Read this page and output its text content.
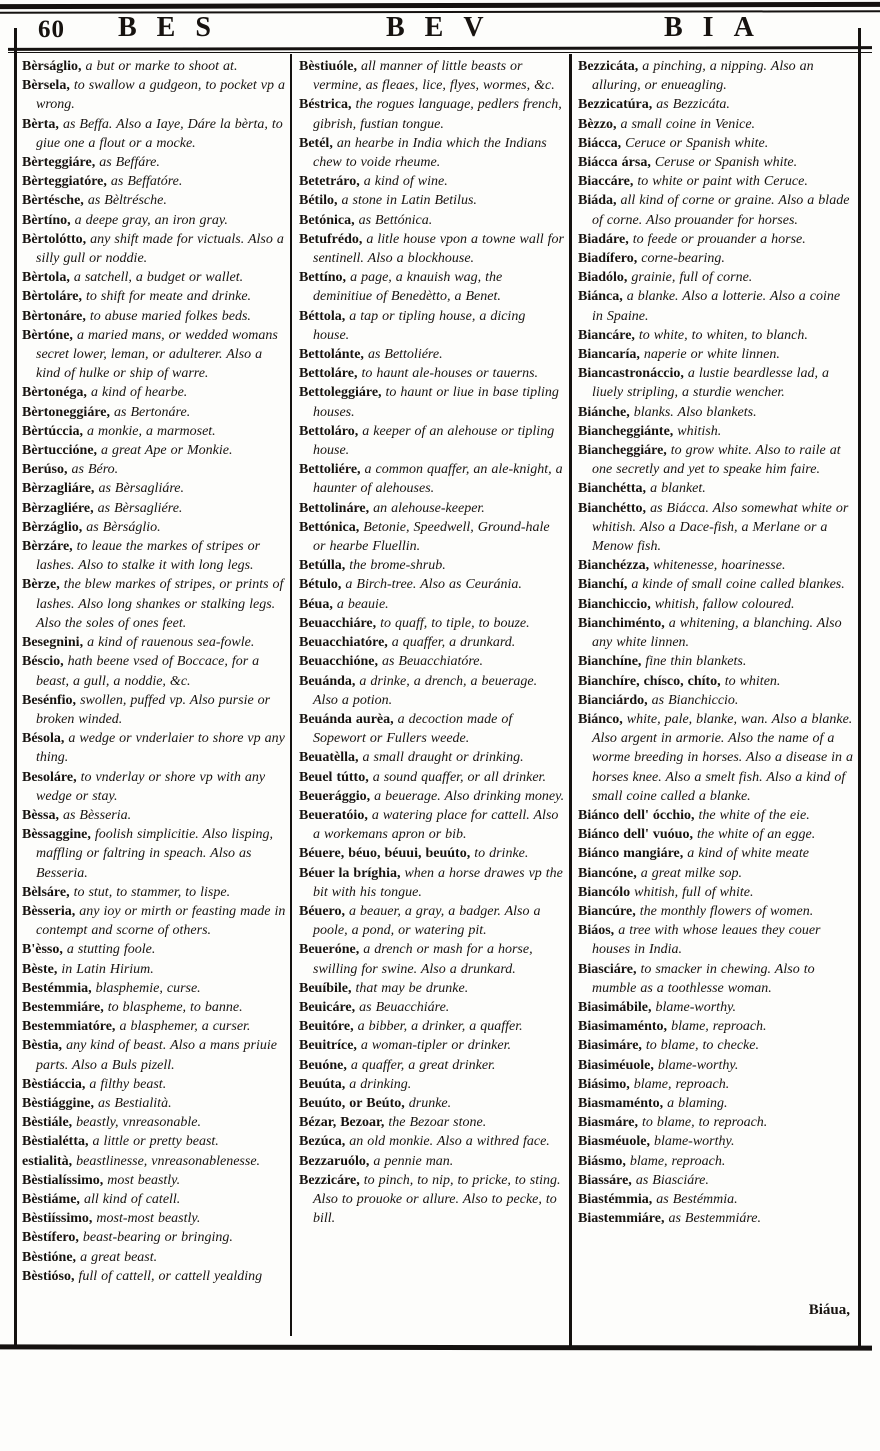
60 BES	BEV	BIA

Bèrságlio, a but or marke to shoot at.

Bèrsela, to swallow a gudgeon, to pocket vp a wrong.

Bèrta, as Beffa. Also a Iaye, Dáre la bèrta, to giue one a flout or a mocke.

Bèrteggiáre, as Beffáre.

Bèrteggiatóre, as Beffatóre.

Bèrtésche, as Bèltrésche.

Bèrtíno, a deepe gray, an iron gray.

Bèrtolótto, any shift made for victuals. Also a silly gull or noddie.

Bèrtola, a satchell, a budget or wallet.

Bèrtoláre, to shift for meate and drinke.

Bèrtonáre, to abuse maried folkes beds.

Bèrtóne, a maried mans, or wedded womans secret lower, leman, or adulterer. Also a kind of hulke or ship of warre.

Bèrtonéga, a kind of hearbe.

Bèrtoneggiáre, as Bertonáre.

Bèrtúccia, a monkie, a marmoset.

Bèrtuccióne, a great Ape or Monkie.

Berúso, as Béro.

Bèrzagliáre, as Bèrsagliáre.

Bèrzagliére, as Bèrsagliére.

Bèrzáglio, as Bèrságlio.

Bèrzáre, to leaue the markes of stripes or lashes. Also to stalke it with long legs.

Bèrze, the blew markes of stripes, or prints of lashes. Also long shankes or stalking legs. Also the soles of ones feet.

Besegnini, a kind of rauenous sea-fowle.

Béscio, hath beene vsed of Boccace, for a beast, a gull, a noddie, &c.

Besénfio, swollen, puffed vp. Also pursie or broken winded.

Bésola, a wedge or vnderlaier to shore vp any thing.

Besoláre, to vnderlay or shore vp with any wedge or stay.

Bèssa, as Bèsseria.

Bèssaggine, foolish simplicitie. Also lisping, maffling or faltring in speach. Also as Besseria.

Bèlsáre, to stut, to stammer, to lispe.

Bèsseria, any ioy or mirth or feasting made in contempt and scorne of others.

B'èsso, a stutting foole.

Bèste, in Latin Hirium.

Bestémmia, blasphemie, curse.

Bestemmiáre, to blaspheme, to banne.

Bestemmiatóre, a blasphemer, a curser.

Bèstia, any kind of beast. Also a mans priuie parts. Also a Buls pizell.

Bèstiáccia, a filthy beast.

Bèstiággine, as Bestialità.

Bèstiále, beastly, vnreasonable.

Bèstialétta, a little or pretty beast.

estialità, beastlinesse, vnreasonablenesse.

Bèstialíssimo, most beastly.

Bèstiáme, all kind of catell.

Bèstiíssimo, most-most beastly.

Bèstífero, beast-bearing or bringing.

Bèstióne, a great beast.

Bèstióso, full of cattell, or cattell yealding

Bèstiuóle, all manner of little beasts or vermine, as fleaes, lice, flyes, wormes, &c.

Béstrica, the rogues language, pedlers french, gibrish, fustian tongue.

Betél, an hearbe in India which the Indians chew to voide rheume.

Betetráro, a kind of wine.

Bétilo, a stone in Latin Betilus.

Betónica, as Bettónica.

Betufrédo, a litle house vpon a towne wall for sentinell. Also a blockhouse.

Bettíno, a page, a knauish wag, the deminitiue of Benedètto, a Benet.

Béttola, a tap or tipling house, a dicing house.

Bettolánte, as Bettoliére.

Bettoláre, to haunt ale-houses or tauerns.

Bettoleggiáre, to haunt or liue in base tipling houses.

Bettoláro, a keeper of an alehouse or tipling house.

Bettoliére, a common quaffer, an ale-knight, a haunter of alehouses.

Bettolináre, an alehouse-keeper.

Bettónica, Betonie, Speedwell, Ground-hale or hearbe Fluellin.

Betúlla, the brome-shrub.

Bétulo, a Birch-tree. Also as Ceuránia.

Béua, a beauie.

Beuacchiáre, to quaff, to tiple, to bouze.

Beuacchiatóre, a quaffer, a drunkard.

Beuacchióne, as Beuacchiatóre.

Beuánda, a drinke, a drench, a beuerage. Also a potion.

Beuánda aurèa, a decoction made of Sopewort or Fullers weede.

Beuatèlla, a small draught or drinking.

Beuel tútto, a sound quaffer, or all drinker.

Beuerággio, a beuerage. Also drinking money.

Beueratóio, a watering place for cattell. Also a workemans apron or bib.

Béuere, béuo, béuui, beuúto, to drinke.

Béuer la bríghia, when a horse drawes vp the bit with his tongue.

Béuero, a beauer, a gray, a badger. Also a poole, a pond, or watering pit.

Beueróne, a drench or mash for a horse, swilling for swine. Also a drunkard.

Beuíbile, that may be drunke.

Beuicáre, as Beuacchiáre.

Beuitóre, a bibber, a drinker, a quaffer.

Beuitríce, a woman-tipler or drinker.

Beuóne, a quaffer, a great drinker.

Beuúta, a drinking.

Beuúto, or Beúto, drunke.

Bézar, Bezoar, the Bezoar stone.

Bezúca, an old monkie. Also a withred face.

Bezzaruólo, a pennie man.

Bezzicáre, to pinch, to nip, to pricke, to sting. Also to prouoke or allure. Also to pecke, to bill.

Bezzicáta, a pinching, a nipping. Also an alluring, or enueagling.

Bezzicatúra, as Bezzicáta.

Bèzzo, a small coine in Venice.

Biácca, Ceruce or Spanish white.

Biácca ársa, Ceruse or Spanish white.

Biaccáre, to white or paint with Ceruce.

Biáda, all kind of corne or graine. Also a blade of corne. Also prouander for horses.

Biadáre, to feede or prouander a horse.

Biadífero, corne-bearing.

Biadólo, grainie, full of corne.

Biánca, a blanke. Also a lotterie. Also a coine in Spaine.

Biancáre, to white, to whiten, to blanch.

Biancaría, naperie or white linnen.

Biancastronáccio, a lustie beardlesse lad, a liuely stripling, a sturdie wencher.

Biánche, blanks. Also blankets.

Biancheggiánte, whitish.

Biancheggiáre, to grow white. Also to raile at one secretly and yet to speake him faire.

Bianchétta, a blanket.

Bianchétto, as Biácca. Also somewhat white or whitish. Also a Dace-fish, a Merlane or a Menow fish.

Bianchézza, whitenesse, hoarinesse.

Bianchí, a kinde of small coine called blankes.

Bianchiccio, whitish, fallow coloured.

Bianchiménto, a whitening, a blanching. Also any white linnen.

Bianchíne, fine thin blankets.

Bianchíre, chísco, chíto, to whiten.

Bianciárdo, as Bianchiccio.

Biánco, white, pale, blanke, wan. Also a blanke. Also argent in armorie. Also the name of a worme breeding in horses. Also a disease in a horses knee. Also a smelt fish. Also a kind of small coine called a blanke.

Biánco dell' ócchio, the white of the eie.

Biánco dell' vuóuo, the white of an egge.

Biánco mangiáre, a kind of white meate

Biancóne, a great milke sop.

Biancólo whitish, full of white.

Biancúre, the monthly flowers of women.

Biáos, a tree with whose leaues they couer houses in India.

Biasciáre, to smacker in chewing. Also to mumble as a toothlesse woman.

Biasimábile, blame-worthy.

Biasimaménto, blame, reproach.

Biasimáre, to blame, to checke.

Biasiméuole, blame-worthy.

Biásimo, blame, reproach.

Biasmaménto, a blaming.

Biasmáre, to blame, to reproach.

Biasméuole, blame-worthy.

Biásmo, blame, reproach.

Biassáre, as Biasciáre.

Biastémmia, as Bestémmia.

Biastemmiáre, as Bestemmiáre.

Biáua,
